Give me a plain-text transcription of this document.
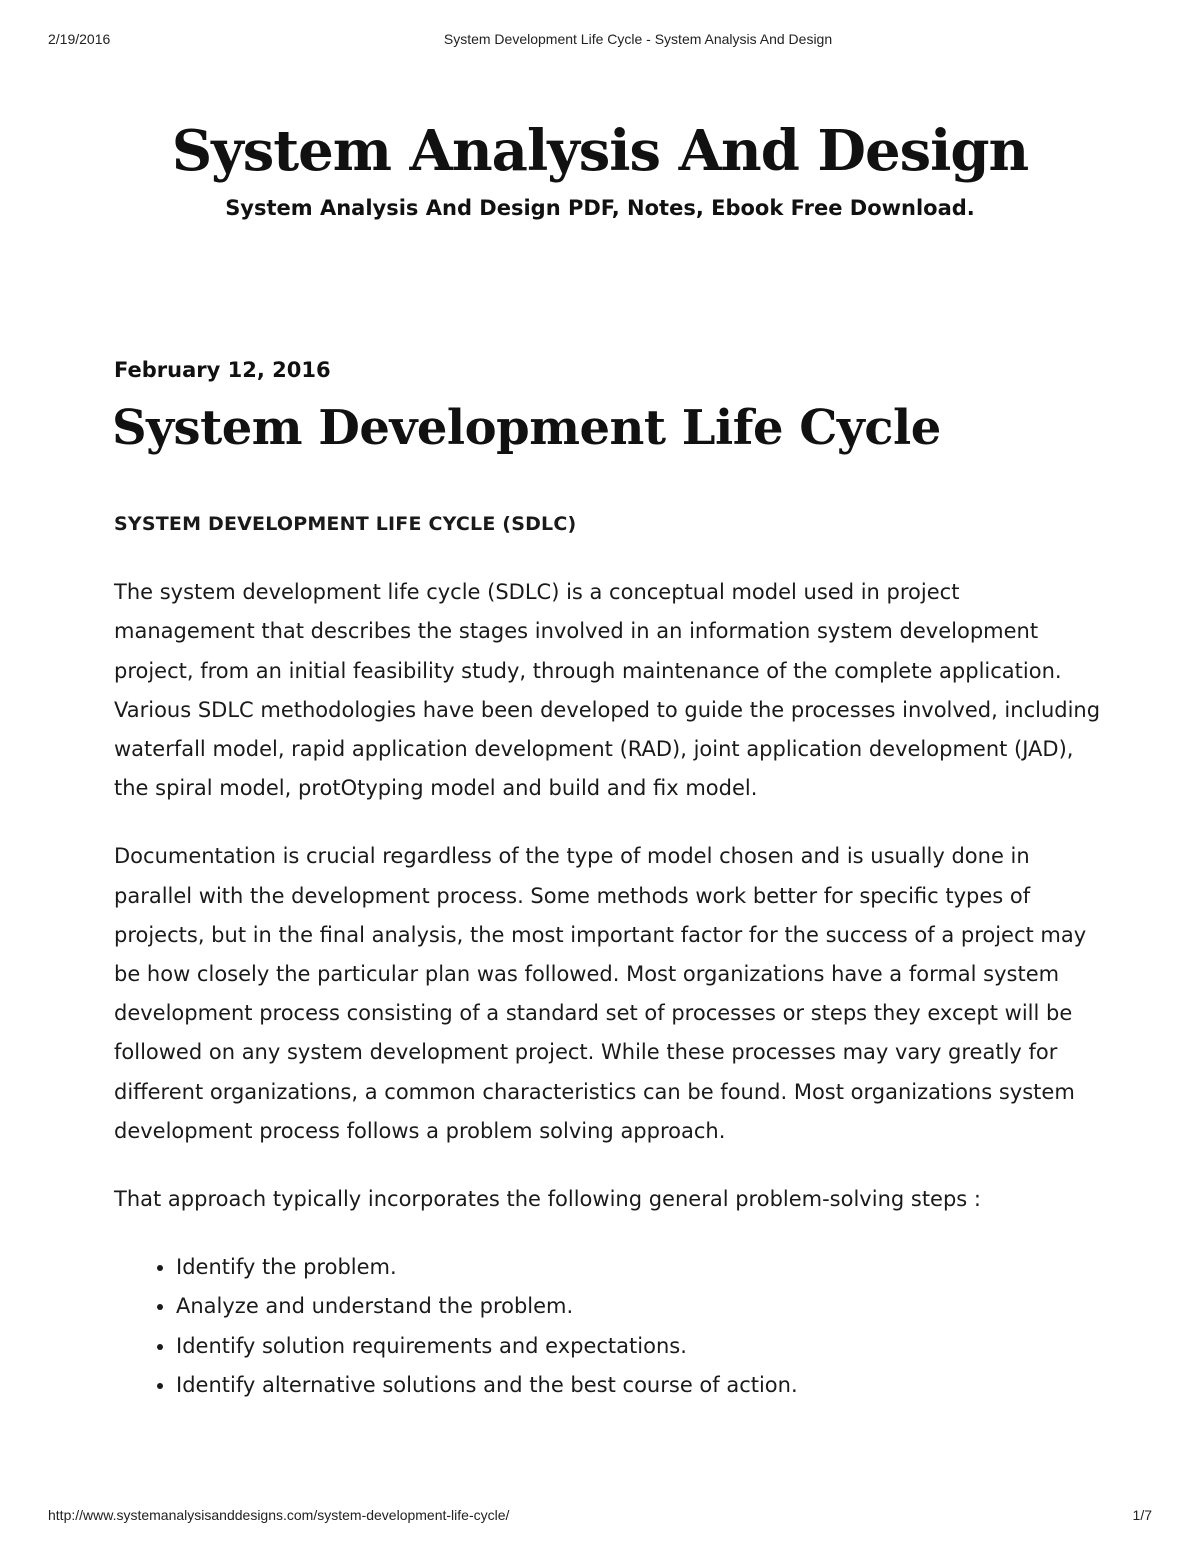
2/19/2016	System Development Life Cycle - System Analysis And Design
System Analysis And Design
System Analysis And Design PDF, Notes, Ebook Free Download.
February 12, 2016
System Development Life Cycle
SYSTEM DEVELOPMENT LIFE CYCLE (SDLC)

The system development life cycle (SDLC) is a conceptual model used in project management that describes the stages involved in an information system development project, from an initial feasibility study, through maintenance of the complete application. Various SDLC methodologies have been developed to guide the processes involved, including waterfall model, rapid application development (RAD), joint application development (JAD), the spiral model, protOtyping model and build and fix model.

Documentation is crucial regardless of the type of model chosen and is usually done in parallel with the development process. Some methods work better for specific types of projects, but in the final analysis, the most important factor for the success of a project may be how closely the particular plan was followed. Most organizations have a formal system development process consisting of a standard set of processes or steps they except will be followed on any system development project. While these processes may vary greatly for different organizations, a common characteristics can be found. Most organizations system development process follows a problem solving approach.

That approach typically incorporates the following general problem-solving steps :

• Identify the problem.
• Analyze and understand the problem.
• Identify solution requirements and expectations.
• Identify alternative solutions and the best course of action.
http://www.systemanalysisanddesigns.com/system-development-life-cycle/	1/7
